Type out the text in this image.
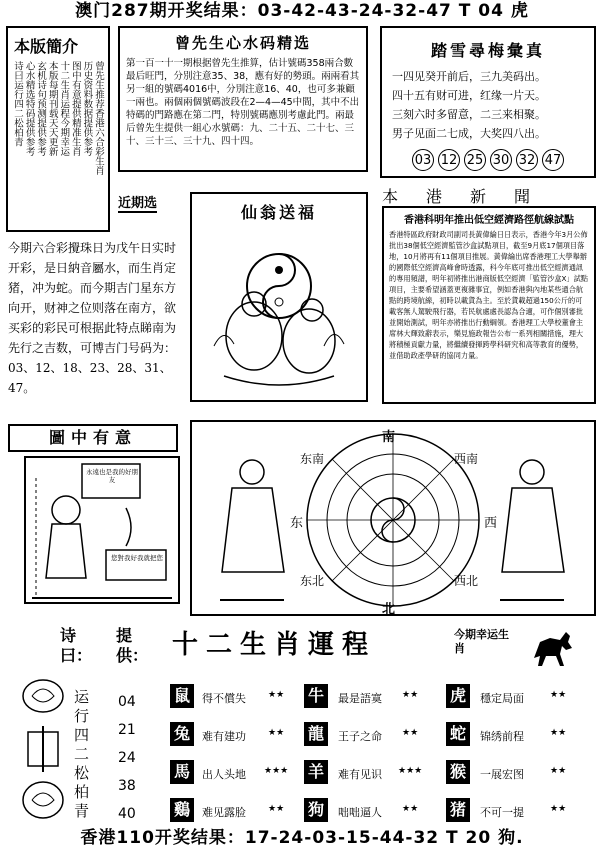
澳门287期开奖结果：03-42-43-24-32-47 T 04 虎
本版簡介
曾先生推荐香港六合彩生肖
历史资料数据提供参考
图中有意提供精准生肖
十二生肖运程今期幸运
本版每期刊载天天更新
玄机诗句预测提供参考
心水精选特码提供参考
诗曰运行四二松柏青
曾先生心水码精选
第一百一十一期根据曾先生推算，估计號碼358兩合數最后旺門，分別注意35、38，應有好的勢頭。兩兩看其另一組的號碼4016中，分別注意16、40，也可多兼顧一兩也。兩個兩個號碼波段在2—4—45中間，其中不出特碼的門路應在第二門，特別號碼應別考慮此門。兩最后曾先生提供一組心水號碼：九、二十五、二十七、三十、三十三、三十九、四十四。
踏雪尋梅彙真
一四见癸开前后，三九美码出。
四十五有财可进，红缘一片天。
三刻六时多留意，二三来相聚。
男子见面二七成，大奖四八出。
03 12 25 30 32 47
近期选
今期六合彩攪珠日为戊午日实时开彩，是日納音屬水，而生肖定猪，冲为蛇。而今期吉门星东方向开，财神之位则落在南方，欲买彩的彩民可根据此特点睇南为先行之吉数，可博吉门号码为：03、12、18、23、28、31、47。
仙翁送福
本港新聞
香港科明年推出低空經濟路徑航線試點
香港特區政府財政司副司長黃偉綸日日表示，香港今年3月公佈批出38個低空經濟監管沙盒試點項目，截至9月底17個項目落地，10月將再有11個項目推展。黃偉綸出席香港理工大學舉辦的國際低空經濟高峰會時透露，科今年底可推出低空經濟通訊的專用頻譜，明年初將推出港商版低空經濟「監管沙盒X」試點項目，主要希望涵蓋更複雜事宜，例如香港與內地某些通合航點的跨境航線，初時以載貨為主。至於貨載超過150公斤的可載客無人駕駛飛行器，若民航處處長認為合適，可作個別審批並開始測試，明年亦將推出行動綱領。香港理工大學校董會主席林大輝致辭表示，樂見施政報告公布一系列相關措施，理大將積極貢獻力量，將繼續發揮跨學科研究和高等教育的優勢，並借助政產學研的協同力量。
圖中有意
永遠也是我的好朋友
您對我好我就把您
南
北
东	西
东南	西南
东北	西北
十二生肖運程	今期幸运生肖
鼠	得不償失 ★★ 牛	最是語寞 ★★ 虎	穩定局面	★★
兔	难有建功 ★★ 龍	王子之命 ★★ 蛇	锦绣前程	★★
馬	出人头地 ★★★ 羊	难有见识 ★★★ 猴	一展宏图	★★
鷄	难见露脸 ★★ 狗	咄咄逼人 ★★ 猪	不可一提	★★
诗曰：
运
行
四
二
松
柏
青
提供：
04
21
24
38
40
香港110开奖结果：17-24-03-15-44-32 T 20 狗.
